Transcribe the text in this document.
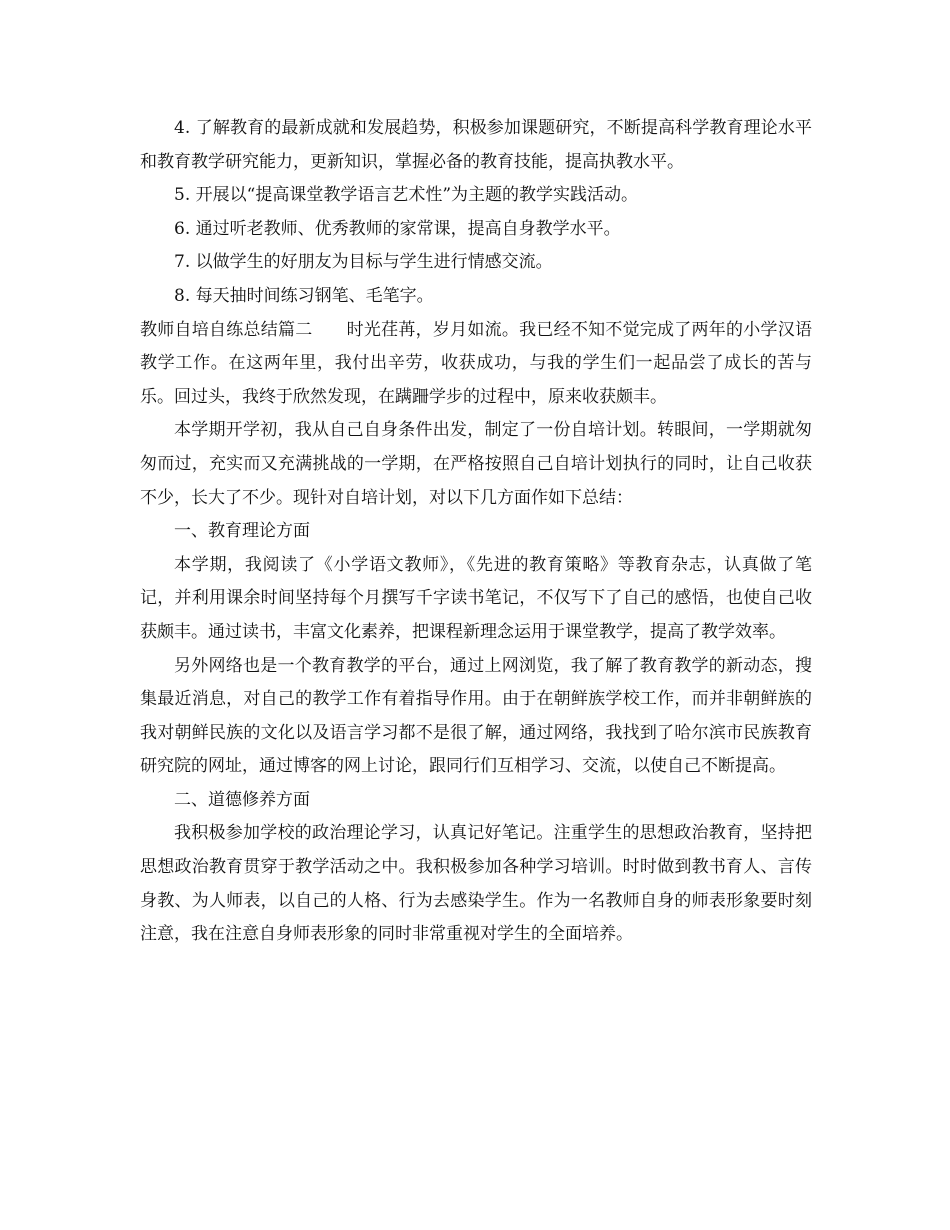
4. 了解教育的最新成就和发展趋势，积极参加课题研究，不断提高科学教育理论水平和教育教学研究能力，更新知识，掌握必备的教育技能，提高执教水平。

5. 开展以“提高课堂教学语言艺术性”为主题的教学实践活动。

6. 通过听老教师、优秀教师的家常课，提高自身教学水平。

7. 以做学生的好朋友为目标与学生进行情感交流。

8. 每天抽时间练习钢笔、毛笔字。

教师自培自练总结篇二 时光荏苒，岁月如流。我已经不知不觉完成了两年的小学汉语教学工作。在这两年里，我付出辛劳，收获成功，与我的学生们一起品尝了成长的苦与乐。回过头，我终于欣然发现，在蹒跚学步的过程中，原来收获颇丰。

本学期开学初，我从自己自身条件出发，制定了一份自培计划。转眼间，一学期就匆匆而过，充实而又充满挑战的一学期，在严格按照自己自培计划执行的同时，让自己收获不少，长大了不少。现针对自培计划，对以下几方面作如下总结：

一、教育理论方面

本学期，我阅读了《小学语文教师》，《先进的教育策略》等教育杂志，认真做了笔记，并利用课余时间坚持每个月撰写千字读书笔记，不仅写下了自己的感悟，也使自己收获颇丰。通过读书，丰富文化素养，把课程新理念运用于课堂教学，提高了教学效率。

另外网络也是一个教育教学的平台，通过上网浏览，我了解了教育教学的新动态，搜集最近消息，对自己的教学工作有着指导作用。由于在朝鲜族学校工作，而并非朝鲜族的我对朝鲜民族的文化以及语言学习都不是很了解，通过网络，我找到了哈尔滨市民族教育研究院的网址，通过博客的网上讨论，跟同行们互相学习、交流，以使自己不断提高。

二、道德修养方面

我积极参加学校的政治理论学习，认真记好笔记。注重学生的思想政治教育，坚持把思想政治教育贯穿于教学活动之中。我积极参加各种学习培训。时时做到教书育人、言传身教、为人师表，以自己的人格、行为去感染学生。作为一名教师自身的师表形象要时刻注意，我在注意自身师表形象的同时非常重视对学生的全面培养。
